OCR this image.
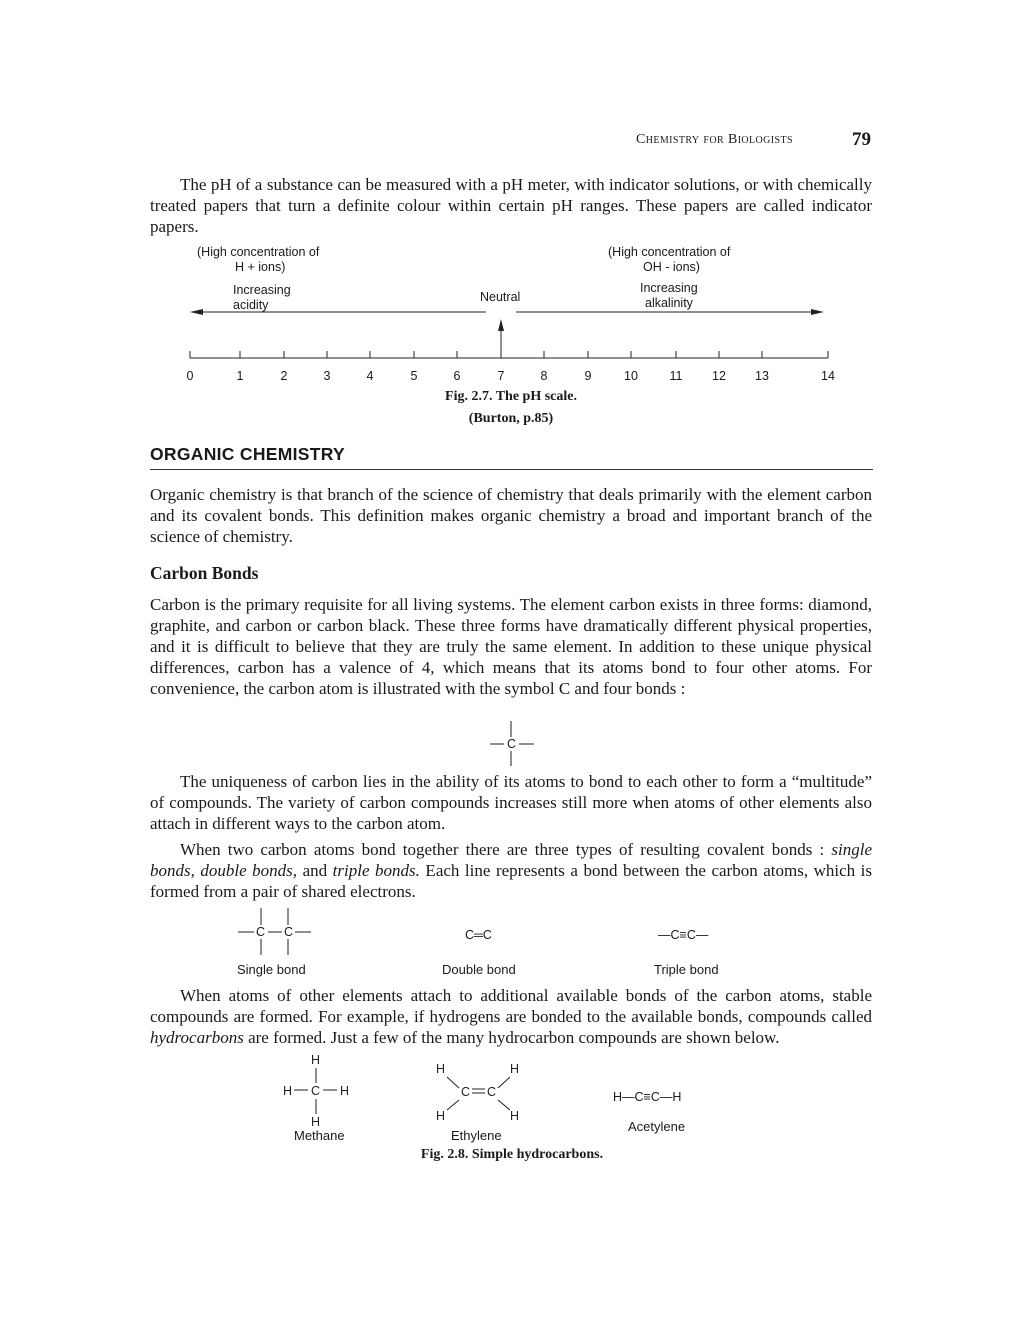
Chemistry for Biologists	79

The pH of a substance can be measured with a pH meter, with indicator solutions, or with chemically treated papers that turn a definite colour within certain pH ranges. These papers are called indicator papers.

(High concentration of
H + ions)
(High concentration of
OH - ions)
Increasing
acidity
Neutral
Increasing
alkalinity
0	1	2	3	4	5	6	7	8	9	10	11	12	13	14
Fig. 2.7. The pH scale.
(Burton, p.85)
ORGANIC CHEMISTRY

Organic chemistry is that branch of the science of chemistry that deals primarily with the element carbon and its covalent bonds. This definition makes organic chemistry a broad and important branch of the science of chemistry.

Carbon Bonds

Carbon is the primary requisite for all living systems. The element carbon exists in three forms: diamond, graphite, and carbon or carbon black. These three forms have dramatically different physical properties, and it is difficult to believe that they are truly the same element. In addition to these unique physical differences, carbon has a valence of 4, which means that its atoms bond to four other atoms. For convenience, the carbon atom is illustrated with the symbol C and four bonds :

C

The uniqueness of carbon lies in the ability of its atoms to bond to each other to form a “multitude” of compounds. The variety of carbon compounds increases still more when atoms of other elements also attach in different ways to the carbon atom.

When two carbon atoms bond together there are three types of resulting covalent bonds : single bonds, double bonds, and triple bonds. Each line represents a bond between the carbon atoms, which is formed from a pair of shared electrons.

C C
Single bond
C═C
Double bond
—C≡C—
Triple bond

When atoms of other elements attach to additional available bonds of the carbon atoms, stable compounds are formed. For example, if hydrogens are bonded to the available bonds, compounds called hydrocarbons are formed. Just a few of the many hydrocarbon compounds are shown below.

H
H C H
H
Methane
H	H
C C
H	H
Ethylene
H—C≡C—H
Acetylene
Fig. 2.8. Simple hydrocarbons.
